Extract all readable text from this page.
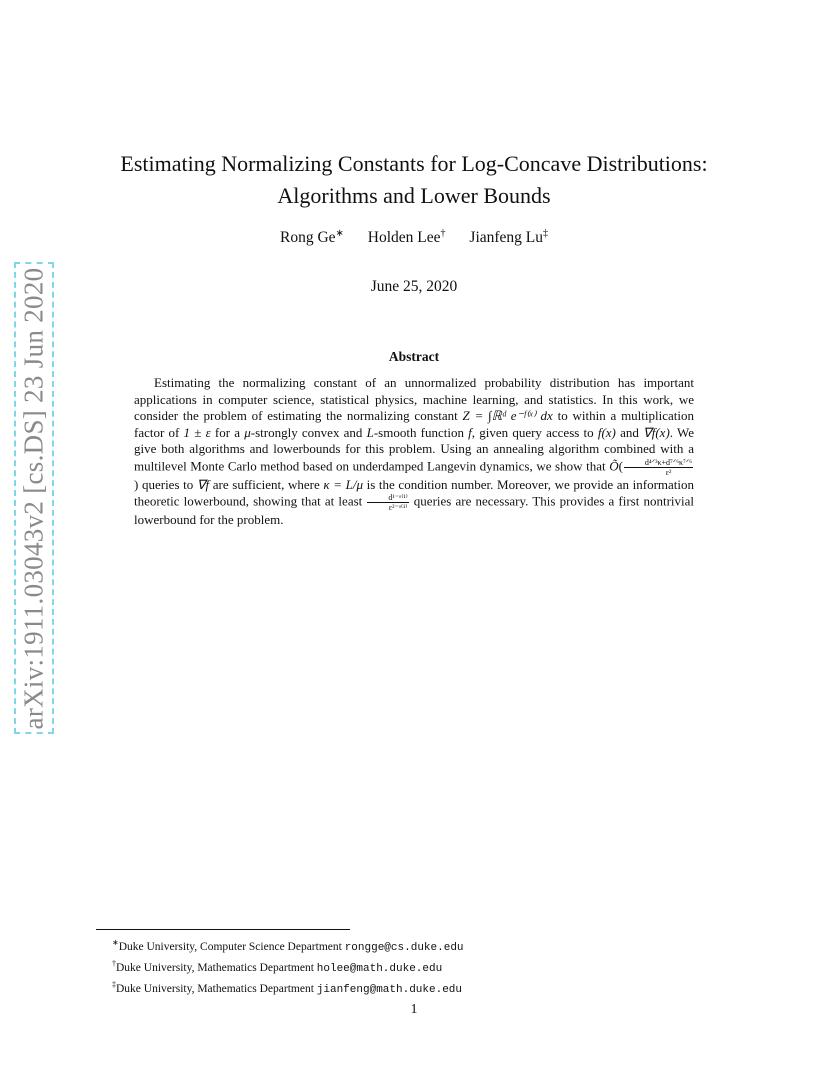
arXiv:1911.03043v2 [cs.DS] 23 Jun 2020
Estimating Normalizing Constants for Log-Concave Distributions:
Algorithms and Lower Bounds
Rong Ge∗ Holden Lee† Jianfeng Lu‡
June 25, 2020
Abstract
Estimating the normalizing constant of an unnormalized probability distribution has important applications in computer science, statistical physics, machine learning, and statistics. In this work, we consider the problem of estimating the normalizing constant Z = ∫ℝᵈ e⁻ᶠ⁽ˣ⁾ dx to within a multiplication factor of 1 ± ε for a μ-strongly convex and L-smooth function f, given query access to f(x) and ∇f(x). We give both algorithms and lowerbounds for this problem. Using an annealing algorithm combined with a multilevel Monte Carlo method based on underdamped Langevin dynamics, we show that Õ( $\frac{\text{d⁴ᐟ³κ+d⁷ᐟ⁶κ⁷ᐟ⁶}}{\text{ε²}}$
) queries to ∇f are sufficient, where κ = L/μ is the condition number. Moreover, we provide an information theoretic lowerbound, showing that at least $\frac{\text{d¹⁻ᵒ⁽¹⁾}}{\text{ε²⁻ᵒ⁽¹⁾}}$ queries are necessary. This provides a first nontrivial lowerbound for the problem.
∗Duke University, Computer Science Department rongge@cs.duke.edu
†Duke University, Mathematics Department holee@math.duke.edu
‡Duke University, Mathematics Department jianfeng@math.duke.edu
1
